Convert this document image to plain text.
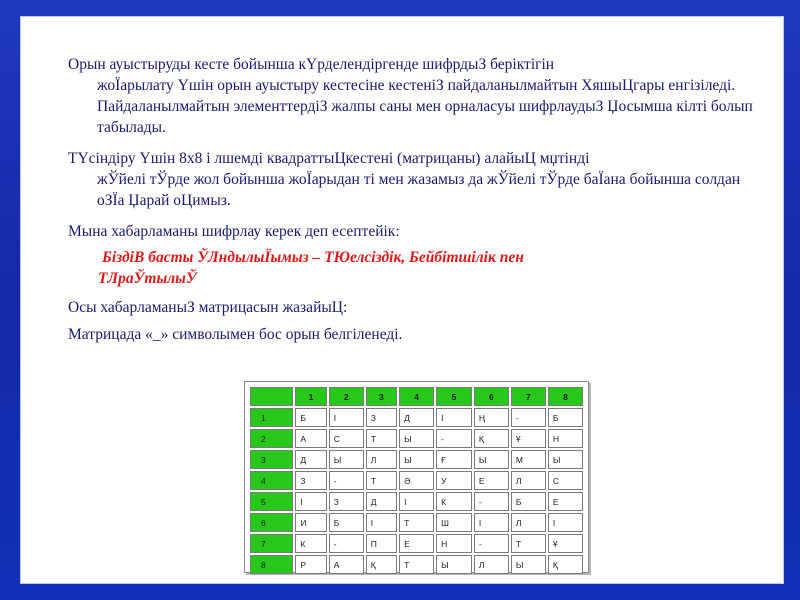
Орын ауыстыруды кесте бойынша кҮрделендіргенде шифрдыЗ беріктігін
жоЇарылату Үшін орын ауыстыру кестесіне кестеніЗ пайдаланылмайтын ХяшыЦгары енгізіледі. Пайдаланылмайтын элементтердіЗ жалпы саны мен орналасуы шифрлаудыЗ Џосымша кілті болып табылады.
ТҮсіндіру Үшін 8х8 і лшемді квадраттыЦкестені (матрицаны) алайыЦ мџтінді
жЎйелі тЎрде жол бойынша жоЇарыдан ті мен жазамыз да жЎйелі тЎрде баЇана бойынша солдан оЗЇа Џарай оЦимыз.
Мына хабарламаны шифрлау керек деп есептейік:
БіздіВ басты ЎЛндылыЇымыз – ТЮелсіздік, Бейбітшілік пен
ТЛраЎтылыЎ
Осы хабарламаныЗ матрицасын жазайыЦ:
Матрицада «_» символымен бос орын белгіленеді.
	1	2	3	4	5	6	7	8
1	Б	І	З	Д	І	Ң	-	Б
2	А	С	Т	Ы	-	Қ	Ұ	Н
3	Д	Ы	Л	Ы	Ғ	Ы	М	Ы
4	З	-	Т	Ә	У	Е	Л	С
5	І	З	Д	І	К	-	Б	Е
6	И	Б	І	Т	Ш	І	Л	І
7	К	-	П	Е	Н	-	Т	Ұ
8	Р	А	Қ	Т	Ы	Л	Ы	Қ
